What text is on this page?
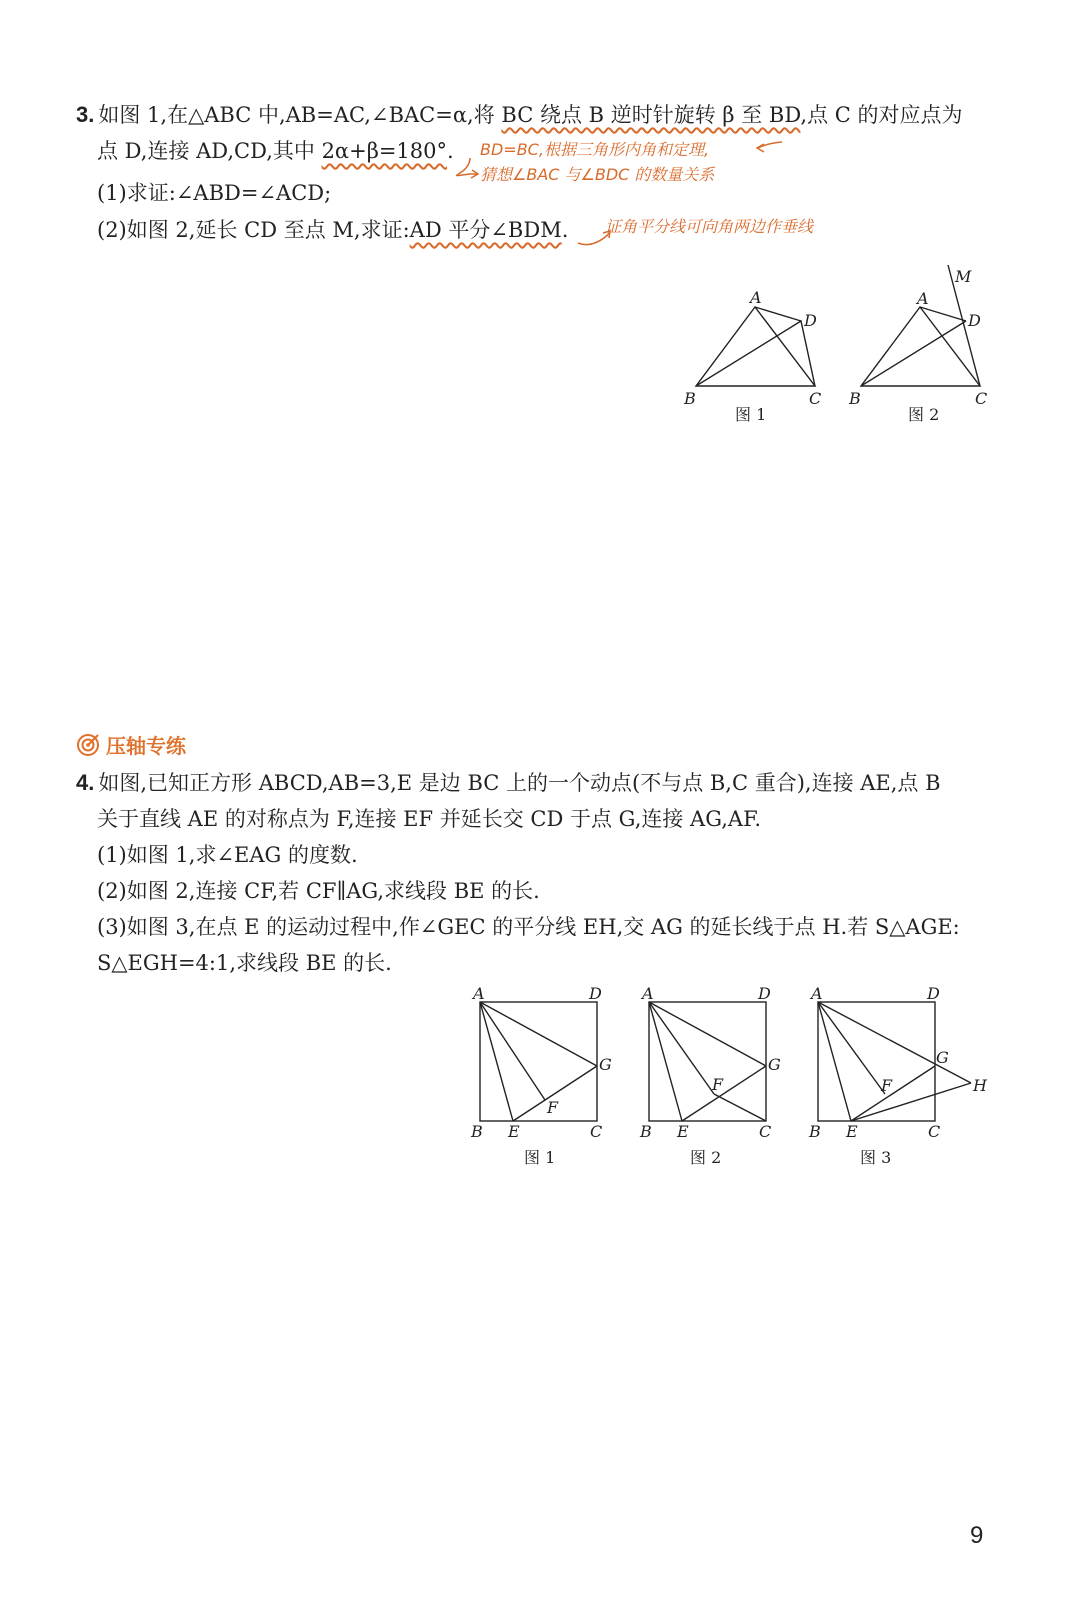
3. 如图 1,在△ABC 中,AB=AC,∠BAC=α,将 BC 绕点 B 逆时针旋转 β 至 BD,点 C 的对应点为
点 D,连接 AD,CD,其中 2α+β=180°. BD=BC,根据三角形内角和定理,
猜想∠BAC 与∠BDC 的数量关系
(1)求证:∠ABD=∠ACD;
(2)如图 2,延长 CD 至点 M,求证:AD 平分∠BDM. 证角平分线可向角两边作垂线
A
B	C
D
图 1
A
B	C
D
M
图 2
压轴专练
4. 如图,已知正方形 ABCD,AB=3,E 是边 BC 上的一个动点(不与点 B,C 重合),连接 AE,点 B
关于直线 AE 的对称点为 F,连接 EF 并延长交 CD 于点 G,连接 AG,AF.
(1)如图 1,求∠EAG 的度数.
(2)如图 2,连接 CF,若 CF∥AG,求线段 BE 的长.
(3)如图 3,在点 E 的运动过程中,作∠GEC 的平分线 EH,交 AG 的延长线于点 H.若 S△AGE:
S△EGH=4:1,求线段 BE 的长.
A	D
B E	C
G
F
图 1
A	D
B E	C
G
F
图 2
A	D
B E	C
G
F	H
图 3
9
